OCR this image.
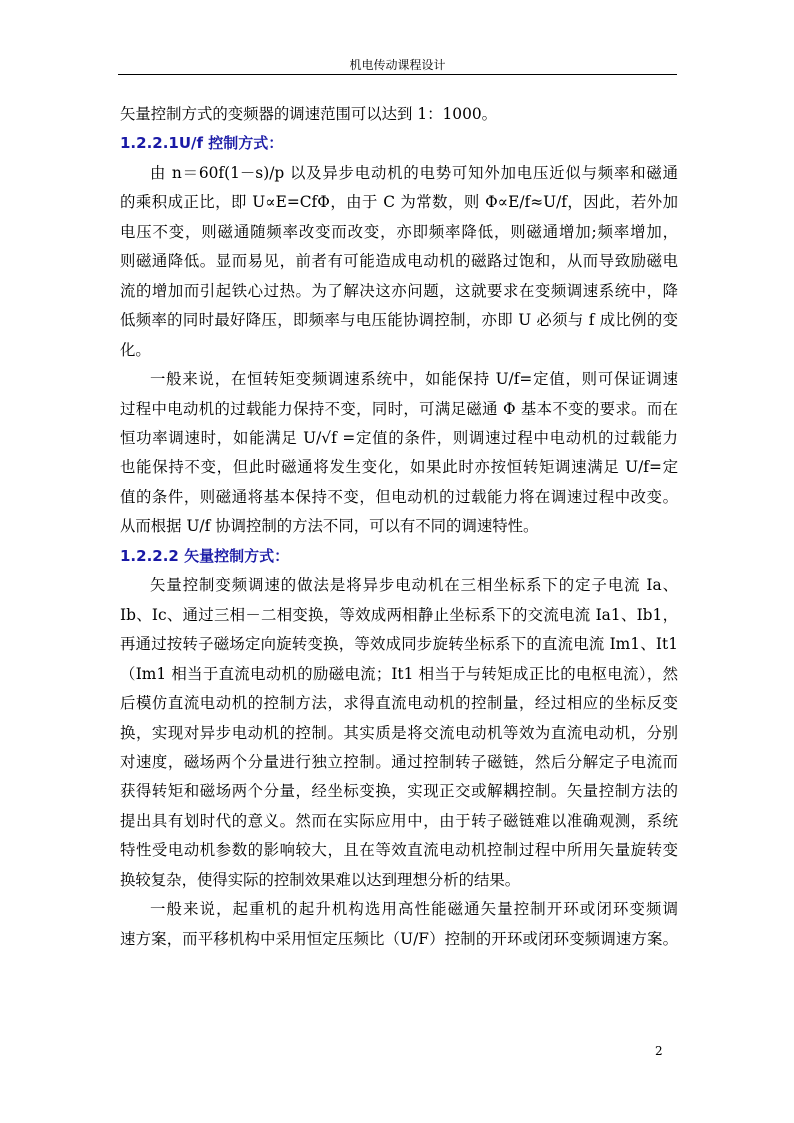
机电传动课程设计
矢量控制方式的变频器的调速范围可以达到 1：1000。
1.2.2.1U/f 控制方式：
由 n＝60f(1－s)/p 以及异步电动机的电势可知外加电压近似与频率和磁通
的乘积成正比，即 U∝E=CfΦ，由于 C 为常数，则 Φ∝E/f≈U/f，因此，若外加
电压不变，则磁通随频率改变而改变，亦即频率降低，则磁通增加;频率增加，
则磁通降低。显而易见，前者有可能造成电动机的磁路过饱和，从而导致励磁电
流的增加而引起铁心过热。为了解决这亦问题，这就要求在变频调速系统中，降
低频率的同时最好降压，即频率与电压能协调控制，亦即 U 必须与 f 成比例的变
化。
一般来说，在恒转矩变频调速系统中，如能保持 U/f=定值，则可保证调速
过程中电动机的过载能力保持不变，同时，可满足磁通 Φ 基本不变的要求。而在
恒功率调速时，如能满足 U/√f =定值的条件，则调速过程中电动机的过载能力
也能保持不变，但此时磁通将发生变化，如果此时亦按恒转矩调速满足 U/f=定
值的条件，则磁通将基本保持不变，但电动机的过载能力将在调速过程中改变。
从而根据 U/f 协调控制的方法不同，可以有不同的调速特性。
1.2.2.2 矢量控制方式：
矢量控制变频调速的做法是将异步电动机在三相坐标系下的定子电流 Ia、
Ib、Ic、通过三相－二相变换，等效成两相静止坐标系下的交流电流 Ia1、Ib1，
再通过按转子磁场定向旋转变换，等效成同步旋转坐标系下的直流电流 Im1、It1
（Im1 相当于直流电动机的励磁电流；It1 相当于与转矩成正比的电枢电流），然
后模仿直流电动机的控制方法，求得直流电动机的控制量，经过相应的坐标反变
换，实现对异步电动机的控制。其实质是将交流电动机等效为直流电动机，分别
对速度，磁场两个分量进行独立控制。通过控制转子磁链，然后分解定子电流而
获得转矩和磁场两个分量，经坐标变换，实现正交或解耦控制。矢量控制方法的
提出具有划时代的意义。然而在实际应用中，由于转子磁链难以准确观测，系统
特性受电动机参数的影响较大，且在等效直流电动机控制过程中所用矢量旋转变
换较复杂，使得实际的控制效果难以达到理想分析的结果。
一般来说，起重机的起升机构选用高性能磁通矢量控制开环或闭环变频调
速方案，而平移机构中采用恒定压频比（U/F）控制的开环或闭环变频调速方案。
2
